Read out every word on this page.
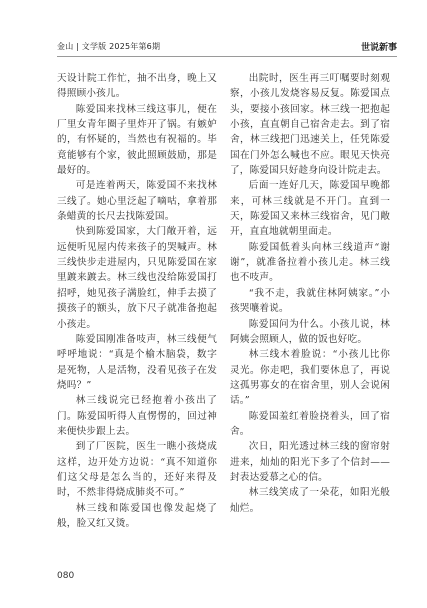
金山 | 文学版 2025年第6期	世说新事

天设计院工作忙，抽不出身，晚上又得照顾小孩儿。

陈爱国来找林三线这事儿，便在厂里女青年圈子里炸开了锅。有嫉妒的，有怀疑的，当然也有祝福的。毕竟能够有个家，彼此照顾鼓励，那是最好的。

可是连着两天，陈爱国不来找林三线了。她心里泛起了嘀咕，拿着那条蜡黄的长尺去找陈爱国。

快到陈爱国家，大门敞开着，远远便听见屋内传来孩子的哭喊声。林三线快步走进屋内，只见陈爱国在家里踱来踱去。林三线也没给陈爱国打招呼，她见孩子满脸红，伸手去摸了摸孩子的额头，放下尺子就准备抱起小孩走。

陈爱国刚准备吱声，林三线便气呼呼地说：“真是个榆木脑袋，数字是死物，人是活物，没看见孩子在发烧吗？”

林三线说完已经抱着小孩出了门。陈爱国听得人直愣愣的，回过神来便快步跟上去。

到了厂医院，医生一瞧小孩烧成这样，边开处方边说：“真不知道你们这父母是怎么当的，还好来得及时，不然非得烧成肺炎不可。”

林三线和陈爱国也像发起烧了般，脸又红又烫。

出院时，医生再三叮嘱要时刻观察，小孩儿发烧容易反复。陈爱国点头，要接小孩回家。林三线一把抱起小孩，直直朝自己宿舍走去。到了宿舍，林三线把门迅速关上，任凭陈爱国在门外怎么喊也不应。眼见天快亮了，陈爱国只好趁身向设计院走去。

后面一连好几天，陈爱国早晚都来，可林三线就是不开门。直到一天，陈爱国又来林三线宿舍，见门敞开，直直地就朝里面走。

陈爱国低着头向林三线道声“谢谢”，就准备拉着小孩儿走。林三线也不吱声。

“我不走，我就住林阿姨家。”小孩哭嚷着说。

陈爱国问为什么。小孩儿说，林阿姨会照顾人，做的饭也好吃。

林三线木着脸说：“小孩儿比你灵光。你走吧，我们要休息了，再说这孤男寡女的在宿舍里，别人会说闲话。”

陈爱国羞红着脸挠着头，回了宿舍。

次日，阳光透过林三线的窗帘射进来，灿灿的阳光下多了个信封——封表达爱慕之心的信。

林三线笑成了一朵花，如阳光般灿烂。

080
